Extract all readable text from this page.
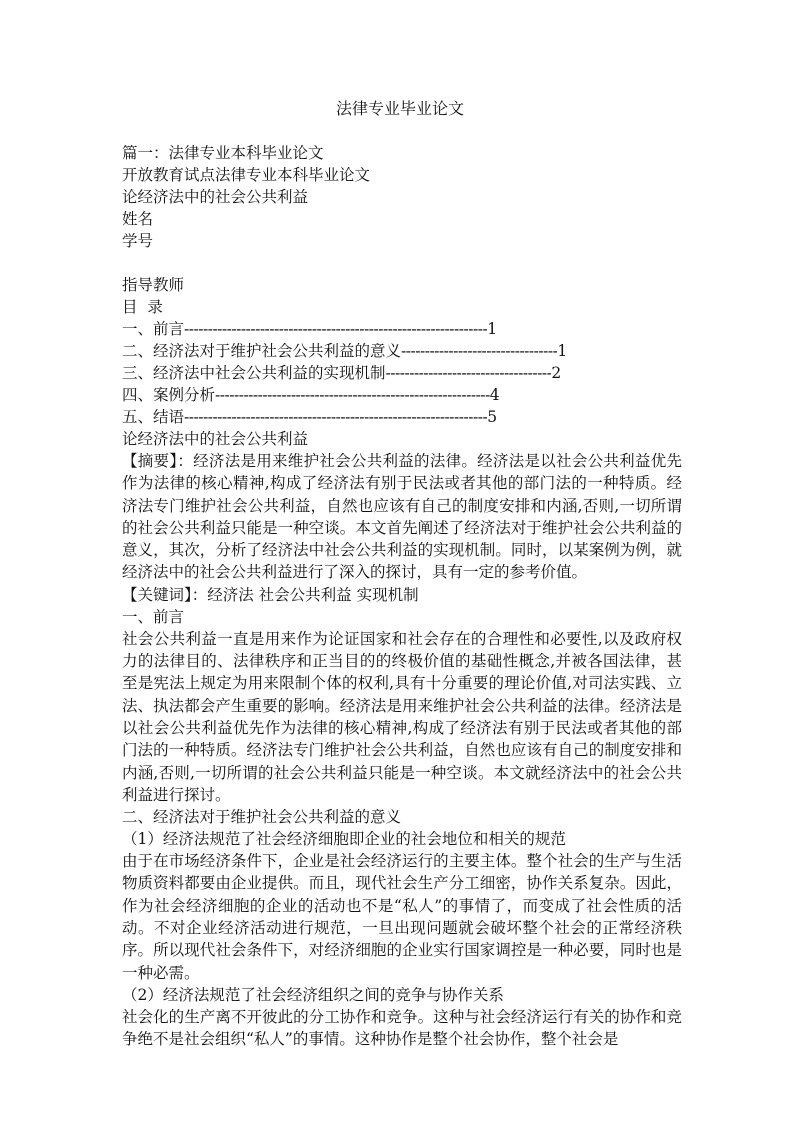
法律专业毕业论文
篇一：法律专业本科毕业论文
开放教育试点法律专业本科毕业论文
论经济法中的社会公共利益
姓名
学号
指导教师
目  录
一、前言 ---------------------------------------------------------------- 1
二、经济法对于维护社会公共利益的意义 --------------------------------- 1
三、经济法中社会公共利益的实现机制 ----------------------------------- 2
四、案例分析 ---------------------------------------------------------- 4
五、结语 ---------------------------------------------------------------- 5
论经济法中的社会公共利益

【摘要】：经济法是用来维护社会公共利益的法律。经济法是以社会公共利益优先作为法律的核心精神,构成了经济法有别于民法或者其他的部门法的一种特质。经济法专门维护社会公共利益，自然也应该有自己的制度安排和内涵,否则,一切所谓的社会公共利益只能是一种空谈。本文首先阐述了经济法对于维护社会公共利益的意义，其次，分析了经济法中社会公共利益的实现机制。同时，以某案例为例，就经济法中的社会公共利益进行了深入的探讨，具有一定的参考价值。

【关键词】：经济法 社会公共利益 实现机制
一、前言

社会公共利益一直是用来作为论证国家和社会存在的合理性和必要性,以及政府权力的法律目的、法律秩序和正当目的的终极价值的基础性概念,并被各国法律，甚至是宪法上规定为用来限制个体的权利,具有十分重要的理论价值,对司法实践、立法、执法都会产生重要的影响。经济法是用来维护社会公共利益的法律。经济法是以社会公共利益优先作为法律的核心精神,构成了经济法有别于民法或者其他的部门法的一种特质。经济法专门维护社会公共利益，自然也应该有自己的制度安排和内涵,否则,一切所谓的社会公共利益只能是一种空谈。本文就经济法中的社会公共利益进行探讨。

二、经济法对于维护社会公共利益的意义
（1）经济法规范了社会经济细胞即企业的社会地位和相关的规范

由于在市场经济条件下，企业是社会经济运行的主要主体。整个社会的生产与生活物质资料都要由企业提供。而且，现代社会生产分工细密，协作关系复杂。因此，作为社会经济细胞的企业的活动也不是“私人”的事情了，而变成了社会性质的活动。不对企业经济活动进行规范，一旦出现问题就会破坏整个社会的正常经济秩序。所以现代社会条件下，对经济细胞的企业实行国家调控是一种必要，同时也是一种必需。

（2）经济法规范了社会经济组织之间的竞争与协作关系

社会化的生产离不开彼此的分工协作和竞争。这种与社会经济运行有关的协作和竞争绝不是社会组织“私人”的事情。这种协作是整个社会协作，整个社会是
